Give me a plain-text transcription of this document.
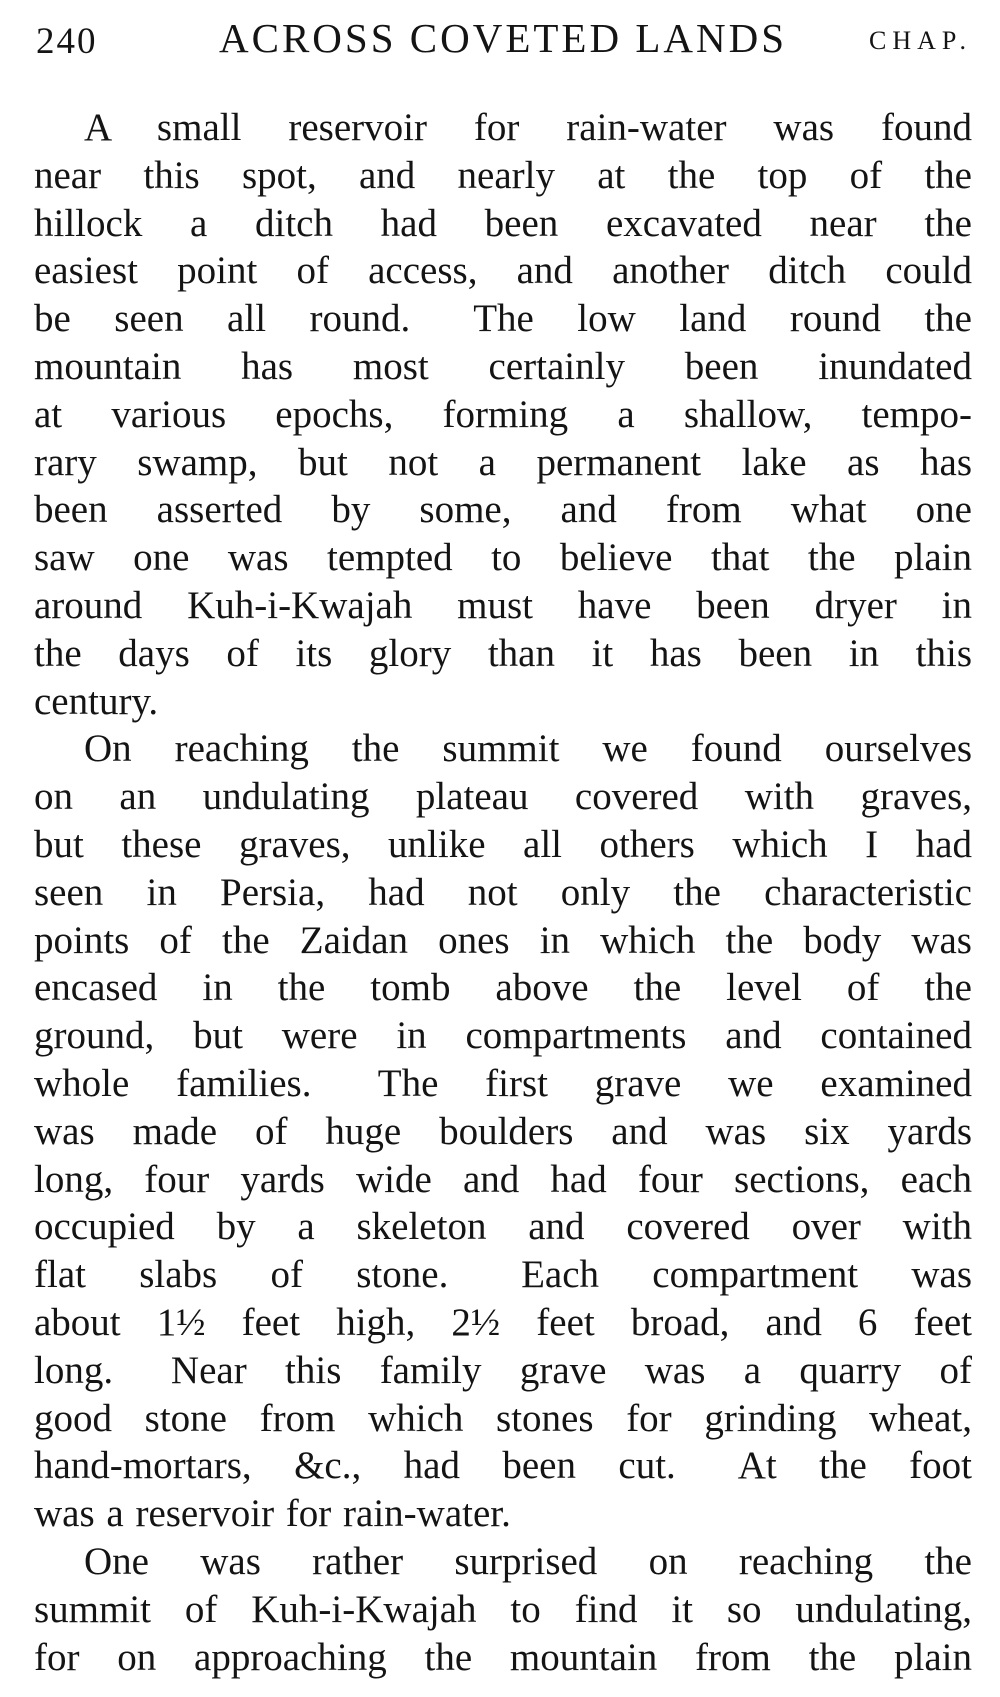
240	ACROSS COVETED LANDS	CHAP.
A small reservoir for rain-water was found
near this spot, and nearly at the top of the
hillock a ditch had been excavated near the
easiest point of access, and another ditch could
be seen all round.  The low land round the
mountain has most certainly been inundated
at various epochs, forming a shallow, tempo-
rary swamp, but not a permanent lake as has
been asserted by some, and from what one
saw one was tempted to believe that the plain
around Kuh-i-Kwajah must have been dryer in
the days of its glory than it has been in this
century.
On reaching the summit we found ourselves
on an undulating plateau covered with graves,
but these graves, unlike all others which I had
seen in Persia, had not only the characteristic
points of the Zaidan ones in which the body was
encased in the tomb above the level of the
ground, but were in compartments and contained
whole families.  The first grave we examined
was made of huge boulders and was six yards
long, four yards wide and had four sections, each
occupied by a skeleton and covered over with
flat slabs of stone.  Each compartment was
about 1½ feet high, 2½ feet broad, and 6 feet
long.  Near this family grave was a quarry of
good stone from which stones for grinding wheat,
hand-mortars, &c., had been cut.  At the foot
was a reservoir for rain-water.
One was rather surprised on reaching the
summit of Kuh-i-Kwajah to find it so undulating,
for on approaching the mountain from the plain
